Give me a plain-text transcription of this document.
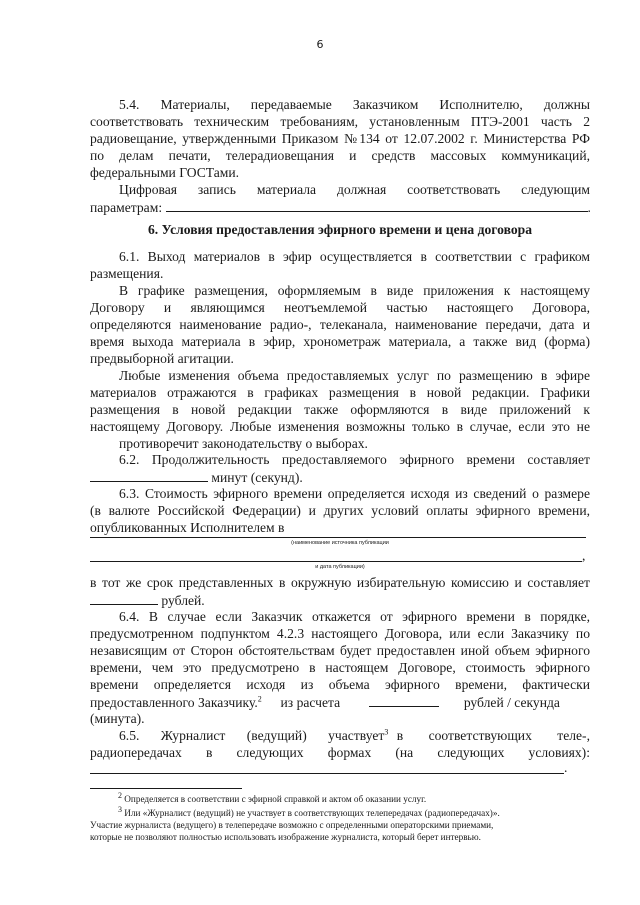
6

5.4. Материалы, передаваемые Заказчиком Исполнителю, должны

соответствовать техническим требованиям, установленным ПТЭ-2001 часть 2

радиовещание, утвержденными Приказом №134 от 12.07.2002 г. Министерства РФ

по делам печати, телерадиовещания и средств массовых коммуникаций,

федеральными ГОСТами.

Цифровая запись материала должная соответствовать следующим

параметрам:	.
6. Условия предоставления эфирного времени и цена договора

6.1. Выход материалов в эфир осуществляется в соответствии с графиком

размещения.

В графике размещения, оформляемым в виде приложения к настоящему

Договору и являющимся неотъемлемой частью настоящего Договора,

определяются наименование радио-, телеканала, наименование передачи, дата и

время выхода материала в эфир, хронометраж материала, а также вид (форма)

предвыборной агитации.

Любые изменения объема предоставляемых услуг по размещению в эфире

материалов отражаются в графиках размещения в новой редакции. Графики

размещения в новой редакции также оформляются в виде приложений к

настоящему Договору. Любые изменения возможны только в случае, если это не

противоречит законодательству о выборах.

6.2. Продолжительность предоставляемого эфирного времени составляет

минут (секунд).

6.3. Стоимость эфирного времени определяется исходя из сведений о размере

(в валюте Российской Федерации) и других условий оплаты эфирного времени,

опубликованных Исполнителем в

(наименование источника публикации
,
и дата публикации)

в тот же срок представленных в окружную избирательную комиссию и составляет

рублей.

6.4. В случае если Заказчик откажется от эфирного времени в порядке,

предусмотренном подпунктом 4.2.3 настоящего Договора, или если Заказчику по

независящим от Сторон обстоятельствам будет предоставлен иной объем эфирного

времени, чем это предусмотрено в настоящем Договоре, стоимость эфирного

времени определяется исходя из объема эфирного времени, фактически

предоставленного Заказчику.$^2$ из расчета	рублей / секунда

(минута).

6.5. Журналист (ведущий) участвует$^3$ в соответствующих теле-,

радиопередачах в следующих формах (на следующих условиях):

.
$^2$ Определяется в соответствии с эфирной справкой и актом об оказании услуг.
$^3$ Или «Журналист (ведущий) не участвует в соответствующих телепередачах (радиопередачах)».
Участие журналиста (ведущего) в телепередаче возможно с определенными операторскими приемами,
которые не позволяют полностью использовать изображение журналиста, который берет интервью.
